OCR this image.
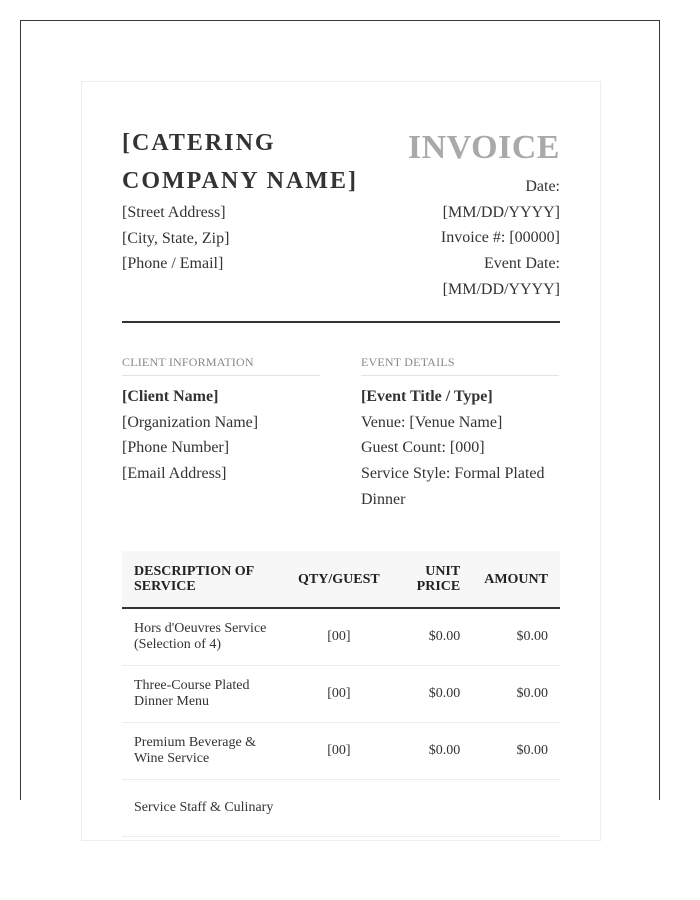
[CATERING COMPANY NAME]
[Street Address]
[City, State, Zip]
[Phone / Email]
INVOICE
Date:
[MM/DD/YYYY]
Invoice #: [00000]
Event Date:
[MM/DD/YYYY]
CLIENT INFORMATION	EVENT DETAILS
[Client Name]
[Organization Name]
[Phone Number]
[Email Address]
[Event Title / Type]
Venue: [Venue Name]
Guest Count: [000]
Service Style: Formal Plated Dinner
DESCRIPTION OF SERVICE	QTY/GUEST	UNIT PRICE	AMOUNT
Hors d'Oeuvres Service (Selection of 4)	[00]	$0.00	$0.00
Three-Course Plated Dinner Menu	[00]	$0.00	$0.00
Premium Beverage & Wine Service	[00]	$0.00	$0.00
Service Staff & Culinary			
